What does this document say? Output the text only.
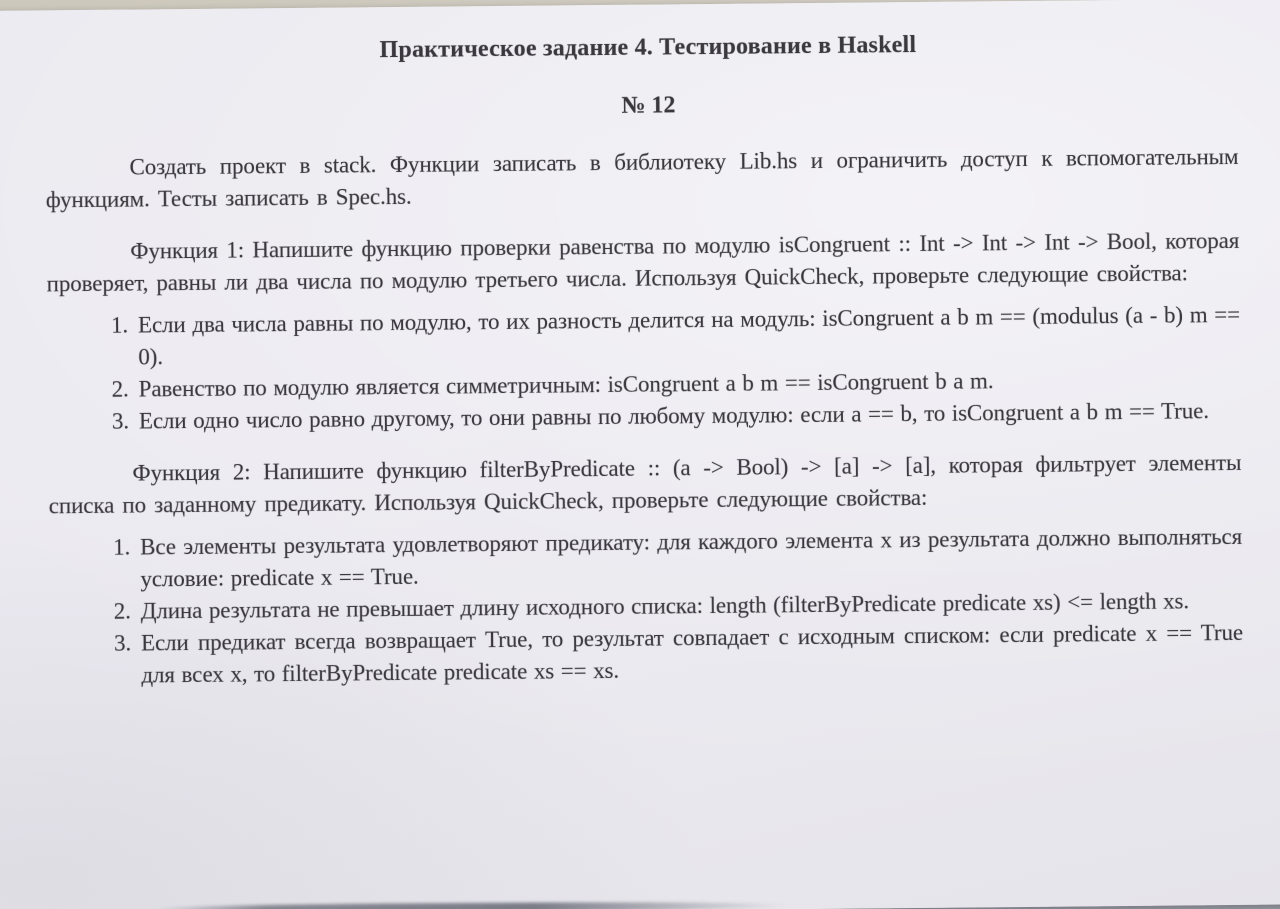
Практическое задание 4. Тестирование в Haskell
№ 12

Создать проект в stack. Функции записать в библиотеку Lib.hs и ограничить доступ к вспомогательным функциям. Тесты записать в Spec.hs.

Функция 1: Напишите функцию проверки равенства по модулю isCongruent :: Int -> Int -> Int -> Bool, которая проверяет, равны ли два числа по модулю третьего числа. Используя QuickCheck, проверьте следующие свойства:

1. Если два числа равны по модулю, то их разность делится на модуль: isCongruent a b m == (modulus (a - b) m == 0).
2. Равенство по модулю является симметричным: isCongruent a b m == isCongruent b a m.
3. Если одно число равно другому, то они равны по любому модулю: если a == b, то isCongruent a b m == True.

Функция 2: Напишите функцию filterByPredicate :: (a -> Bool) -> [a] -> [a], которая фильтрует элементы списка по заданному предикату. Используя QuickCheck, проверьте следующие свойства:

1. Все элементы результата удовлетворяют предикату: для каждого элемента x из результата должно выполняться условие: predicate x == True.
2. Длина результата не превышает длину исходного списка: length (filterByPredicate predicate xs) <= length xs.
3. Если предикат всегда возвращает True, то результат совпадает с исходным списком: если predicate x == True для всех x, то filterByPredicate predicate xs == xs.
